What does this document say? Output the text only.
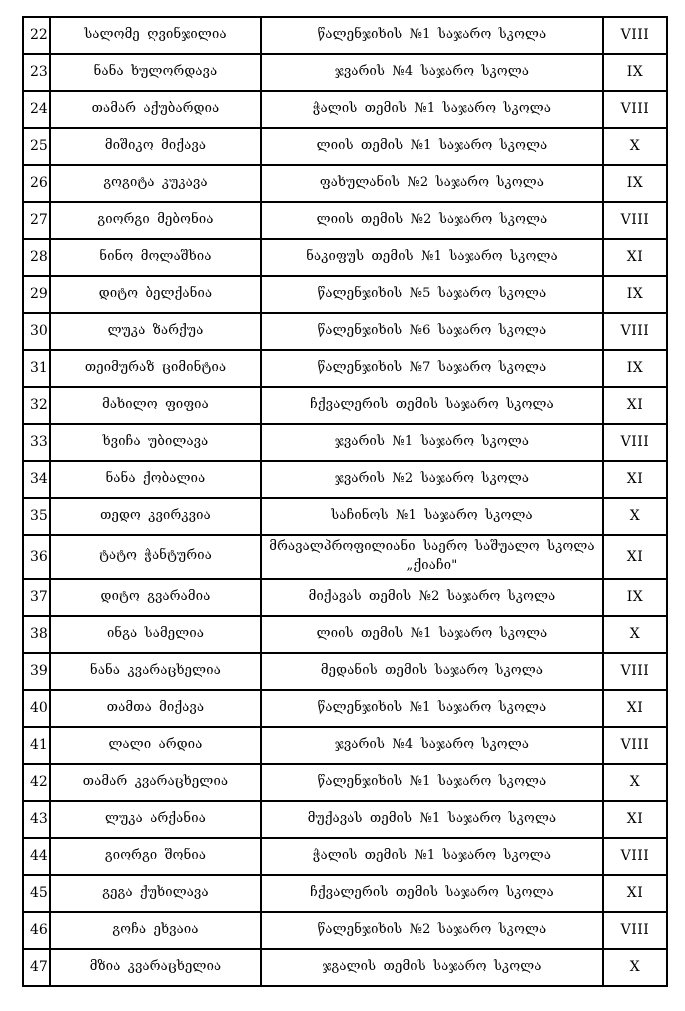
22	სალომე ღვინჯილია	წალენჯიხის №1 საჯარო სკოლა	VIII
23	ნანა ხულორდავა	ჯვარის №4 საჯარო სკოლა	IX
24	თამარ აქუბარდია	ჭალის თემის №1 საჯარო სკოლა	VIII
25	მიშიკო მიქავა	ლიის თემის №1 საჯარო სკოლა	X
26	გოგიტა კუკავა	ფახულანის №2 საჯარო სკოლა	IX
27	გიორგი მებონია	ლიის თემის №2 საჯარო სკოლა	VIII
28	ნინო მოლაშხია	ნაკიფუს თემის №1 საჯარო სკოლა	XI
29	დიტო ბელქანია	წალენჯიხის №5 საჯარო სკოლა	IX
30	ლუკა ზარქუა	წალენჯიხის №6 საჯარო სკოლა	VIII
31	თეიმურაზ ციმინტია	წალენჯიხის №7 საჯარო სკოლა	IX
32	მახილო ფიფია	ჩქვალერის თემის საჯარო სკოლა	XI
33	ხვიჩა უბილავა	ჯვარის №1 საჯარო სკოლა	VIII
34	ნანა ქობალია	ჯვარის №2 საჯარო სკოლა	XI
35	თედო კვირკვია	საჩინოს №1 საჯარო სკოლა	X
36	ტატო ჭანტურია	მრავალპროფილიანი საერო საშუალო სკოლა „ქიაჩი"	XI
37	დიტო გვარამია	მიქავას თემის №2 საჯარო სკოლა	IX
38	ინგა სამელია	ლიის თემის №1 საჯარო სკოლა	X
39	ნანა კვარაცხელია	მედანის თემის საჯარო სკოლა	VIII
40	თამთა მიქავა	წალენჯიხის №1 საჯარო სკოლა	XI
41	ლალი არდია	ჯვარის №4 საჯარო სკოლა	VIII
42	თამარ კვარაცხელია	წალენჯიხის №1 საჯარო სკოლა	X
43	ლუკა არქანია	მუქავას თემის №1 საჯარო სკოლა	XI
44	გიორგი შონია	ჭალის თემის №1 საჯარო სკოლა	VIII
45	გეგა ქუხილავა	ჩქვალერის თემის საჯარო სკოლა	XI
46	გოჩა ეხვაია	წალენჯიხის №2 საჯარო სკოლა	VIII
47	მზია კვარაცხელია	ჯგალის თემის საჯარო სკოლა	X
